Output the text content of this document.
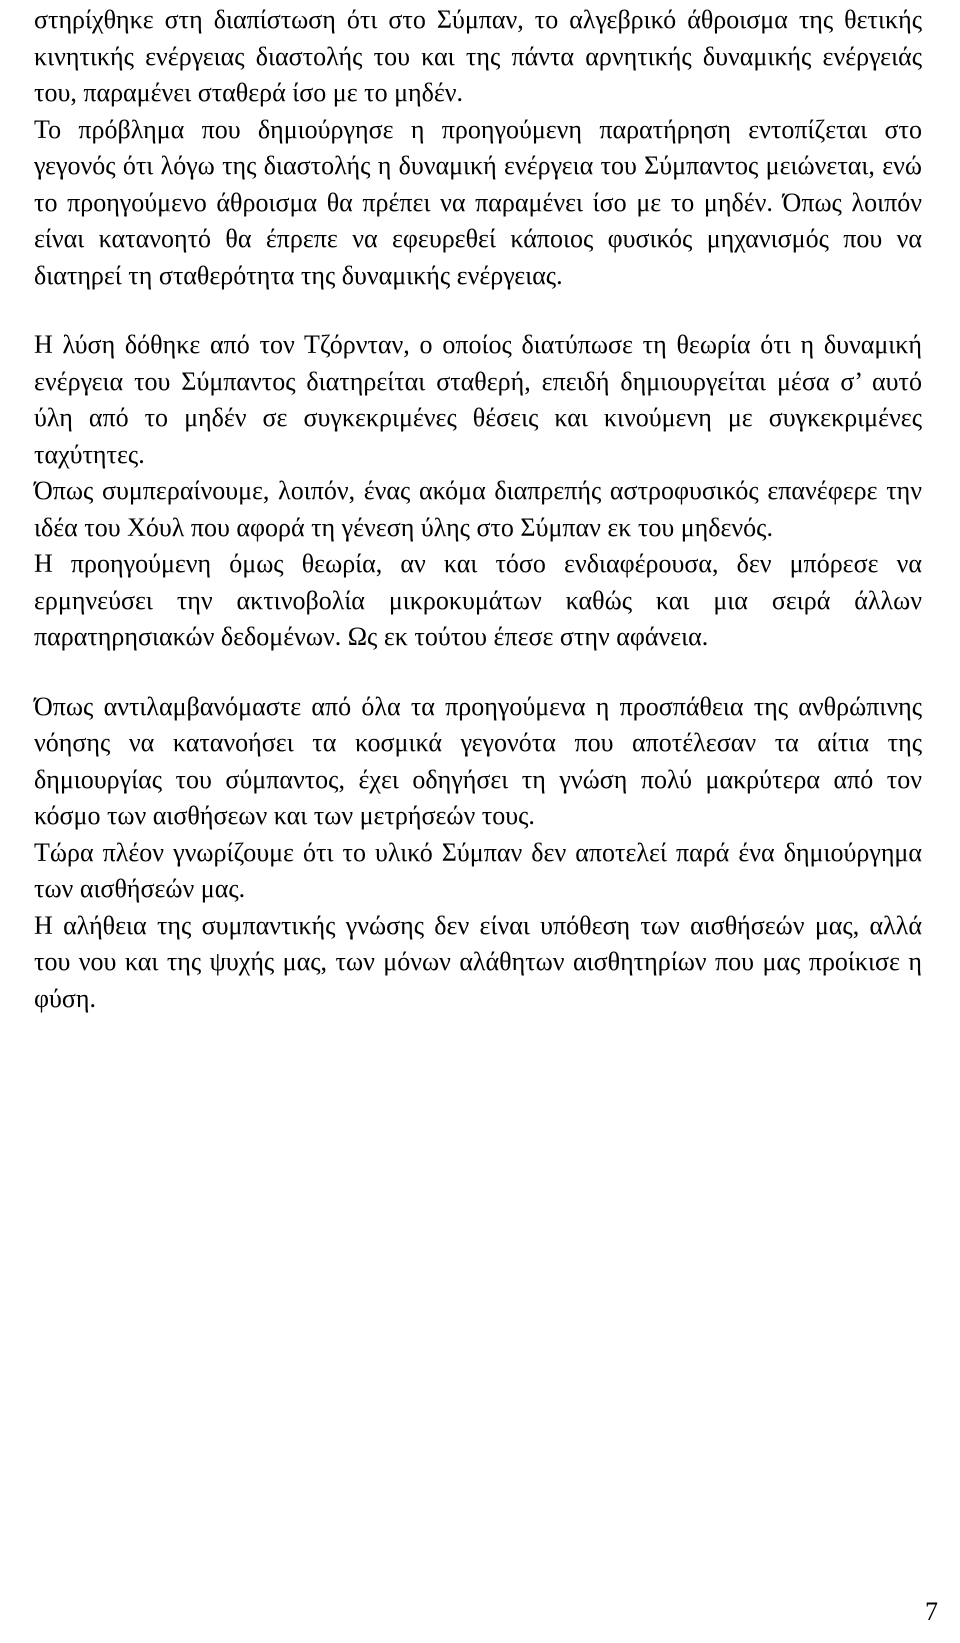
στηρίχθηκε στη διαπίστωση ότι στο Σύμπαν, το αλγεβρικό άθροισμα της θετικής κινητικής ενέργειας διαστολής του και της πάντα αρνητικής δυναμικής ενέργειάς του, παραμένει σταθερά ίσο με το μηδέν.

Το πρόβλημα που δημιούργησε η προηγούμενη παρατήρηση εντοπίζεται στο γεγονός ότι λόγω της διαστολής η δυναμική ενέργεια του Σύμπαντος μειώνεται, ενώ το προηγούμενο άθροισμα θα πρέπει να παραμένει ίσο με το μηδέν. Όπως λοιπόν είναι κατανοητό θα έπρεπε να εφευρεθεί κάποιος φυσικός μηχανισμός που να διατηρεί τη σταθερότητα της δυναμικής ενέργειας.

Η λύση δόθηκε από τον Τζόρνταν, ο οποίος διατύπωσε τη θεωρία ότι η δυναμική ενέργεια του Σύμπαντος διατηρείται σταθερή, επειδή δημιουργείται μέσα σ’ αυτό ύλη από το μηδέν σε συγκεκριμένες θέσεις και κινούμενη με συγκεκριμένες ταχύτητες.

Όπως συμπεραίνουμε, λοιπόν, ένας ακόμα διαπρεπής αστροφυσικός επανέφερε την ιδέα του Χόυλ που αφορά τη γένεση ύλης στο Σύμπαν εκ του μηδενός.

Η προηγούμενη όμως θεωρία, αν και τόσο ενδιαφέρουσα, δεν μπόρεσε να ερμηνεύσει την ακτινοβολία μικροκυμάτων καθώς και μια σειρά άλλων παρατηρησιακών δεδομένων. Ως εκ τούτου έπεσε στην αφάνεια.

Όπως αντιλαμβανόμαστε από όλα τα προηγούμενα η προσπάθεια της ανθρώπινης νόησης να κατανοήσει τα κοσμικά γεγονότα που αποτέλεσαν τα αίτια της δημιουργίας του σύμπαντος, έχει οδηγήσει τη γνώση πολύ μακρύτερα από τον κόσμο των αισθήσεων και των μετρήσεών τους.

Τώρα πλέον γνωρίζουμε ότι το υλικό Σύμπαν δεν αποτελεί παρά ένα δημιούργημα των αισθήσεών μας.

Η αλήθεια της συμπαντικής γνώσης δεν είναι υπόθεση των αισθήσεών μας, αλλά του νου και της ψυχής μας, των μόνων αλάθητων αισθητηρίων που μας προίκισε η φύση.

7
